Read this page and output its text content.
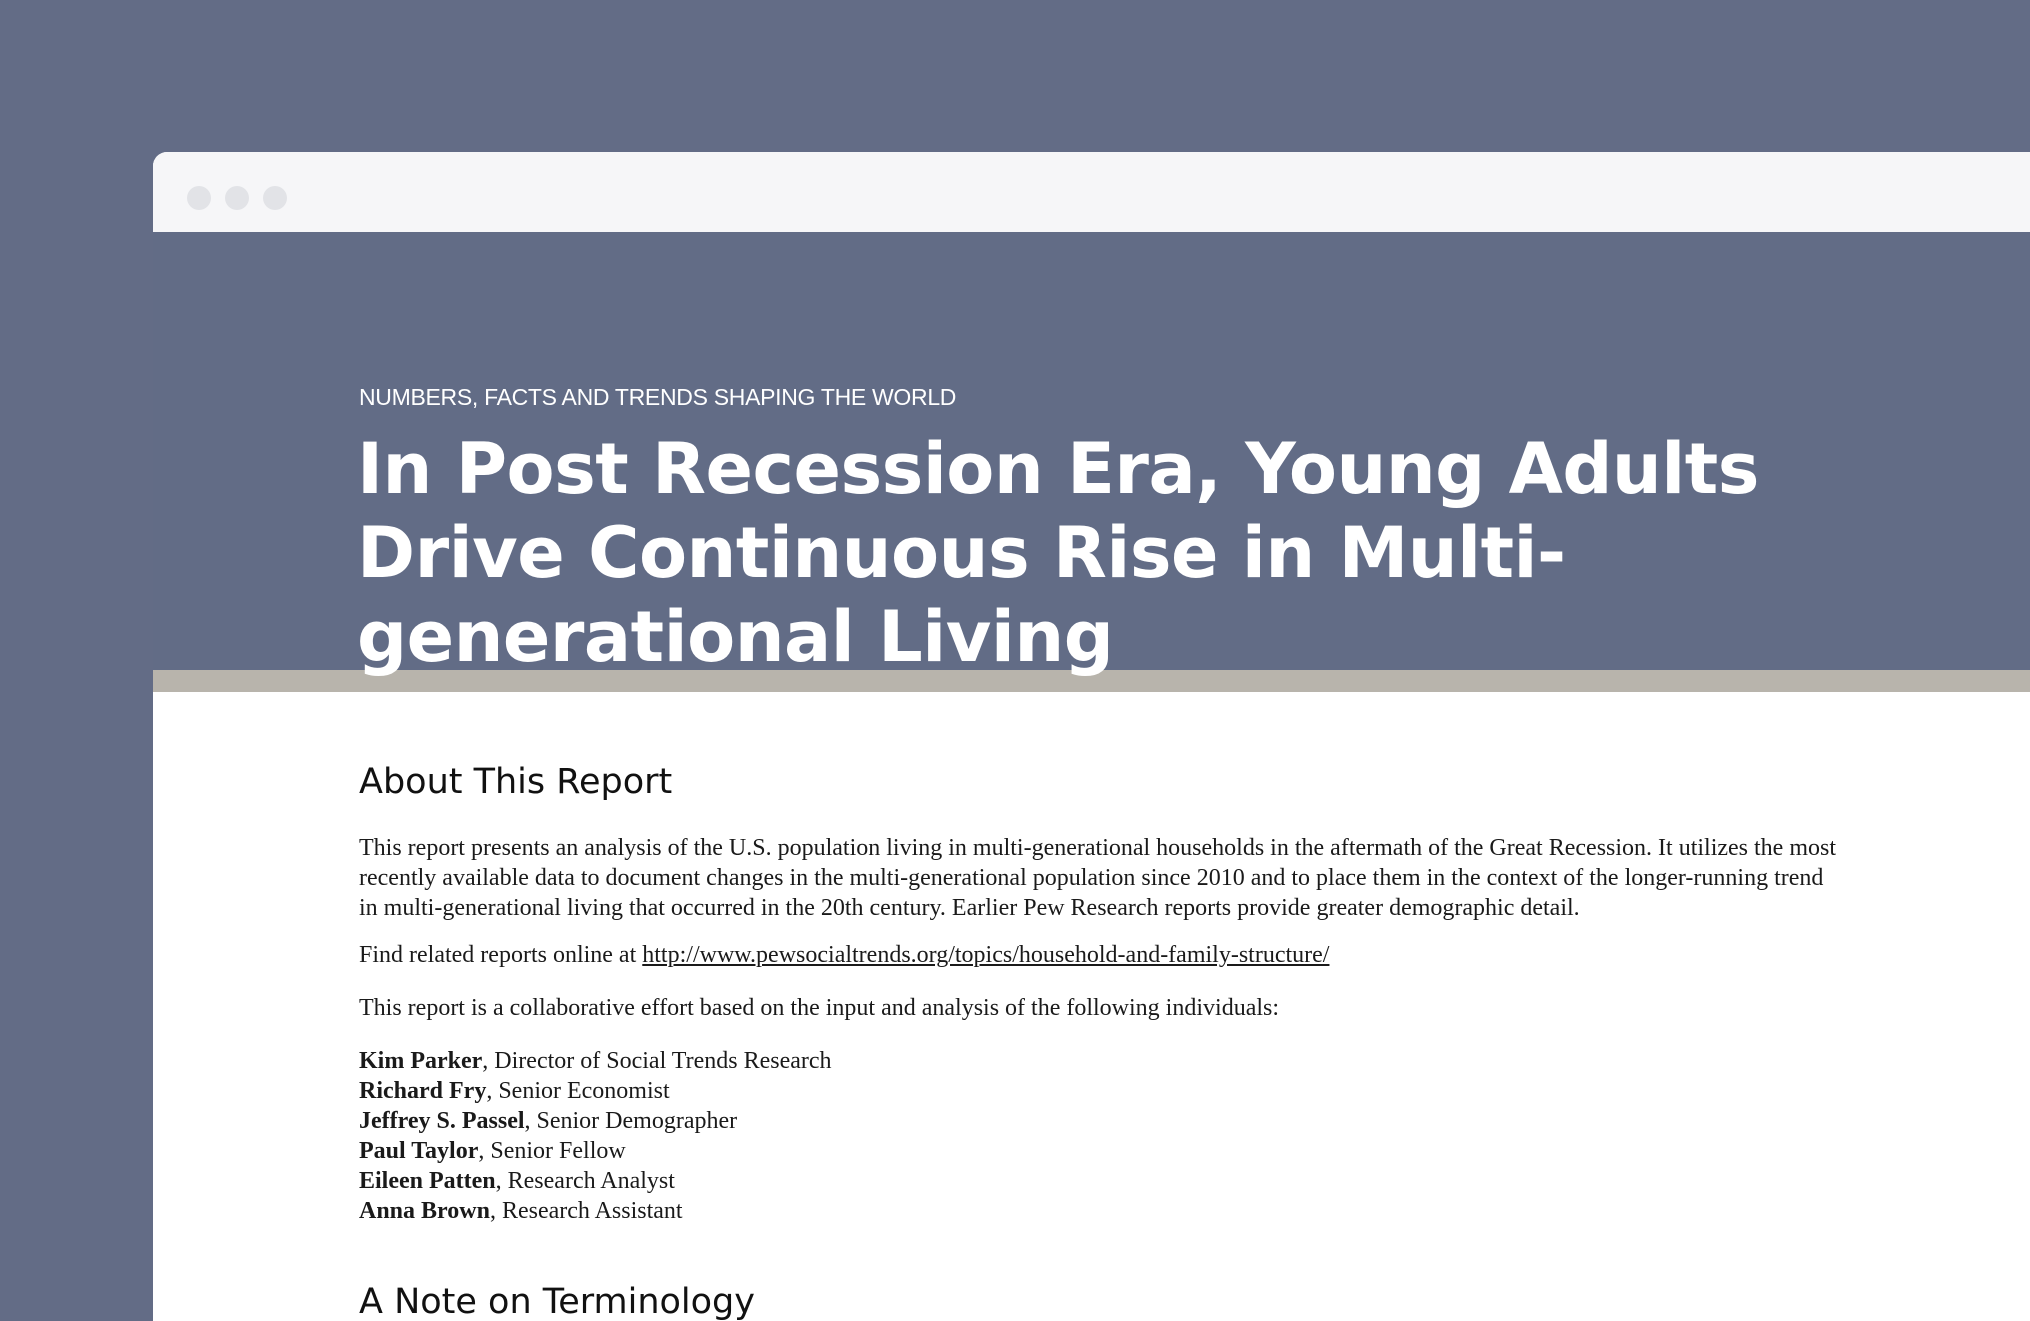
NUMBERS, FACTS AND TRENDS SHAPING THE WORLD
In Post Recession Era, Young Adults
Drive Continuous Rise in Multi-
generational Living
About This Report

This report presents an analysis of the U.S. population living in multi-generational households in the aftermath of the Great Recession. It utilizes the most
recently available data to document changes in the multi-generational population since 2010 and to place them in the context of the longer-running trend
in multi-generational living that occurred in the 20th century. Earlier Pew Research reports provide greater demographic detail.

Find related reports online at http://www.pewsocialtrends.org/topics/household-and-family-structure/

This report is a collaborative effort based on the input and analysis of the following individuals:

Kim Parker, Director of Social Trends Research
Richard Fry, Senior Economist
Jeffrey S. Passel, Senior Demographer
Paul Taylor, Senior Fellow
Eileen Patten, Research Analyst
Anna Brown, Research Assistant
A Note on Terminology
